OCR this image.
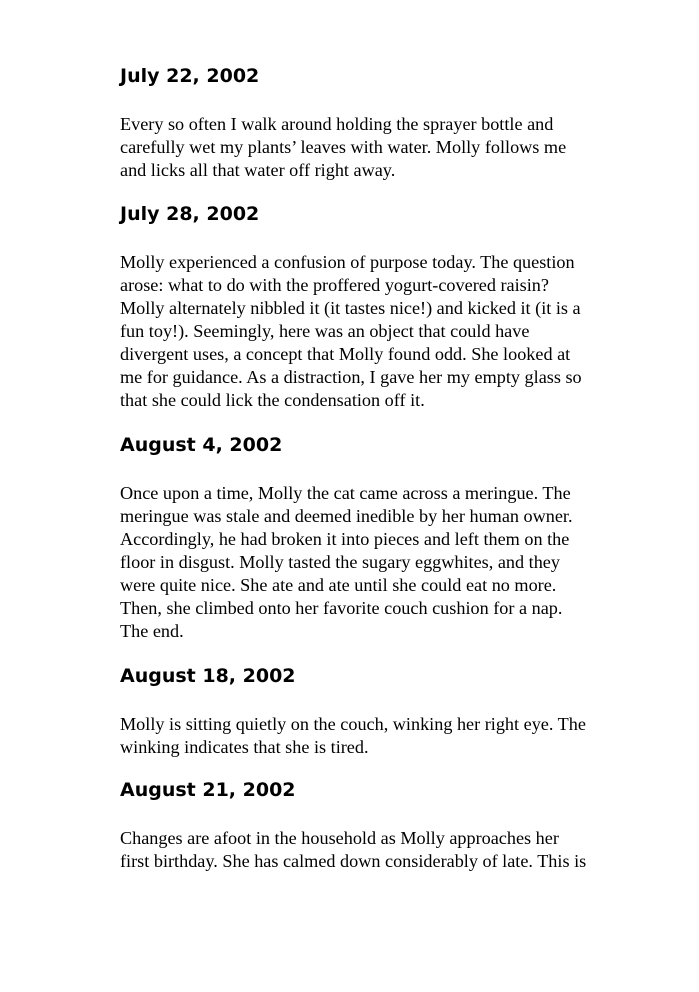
July 22, 2002
Every so often I walk around holding the sprayer bottle and
carefully wet my plants’ leaves with water. Molly follows me
and licks all that water off right away.
July 28, 2002
Molly experienced a confusion of purpose today. The question
arose: what to do with the proffered yogurt-covered raisin?
Molly alternately nibbled it (it tastes nice!) and kicked it (it is a
fun toy!). Seemingly, here was an object that could have
divergent uses, a concept that Molly found odd. She looked at
me for guidance. As a distraction, I gave her my empty glass so
that she could lick the condensation off it.
August 4, 2002
Once upon a time, Molly the cat came across a meringue. The
meringue was stale and deemed inedible by her human owner.
Accordingly, he had broken it into pieces and left them on the
floor in disgust. Molly tasted the sugary eggwhites, and they
were quite nice. She ate and ate until she could eat no more.
Then, she climbed onto her favorite couch cushion for a nap.
The end.
August 18, 2002
Molly is sitting quietly on the couch, winking her right eye. The
winking indicates that she is tired.
August 21, 2002
Changes are afoot in the household as Molly approaches her
first birthday. She has calmed down considerably of late. This is
